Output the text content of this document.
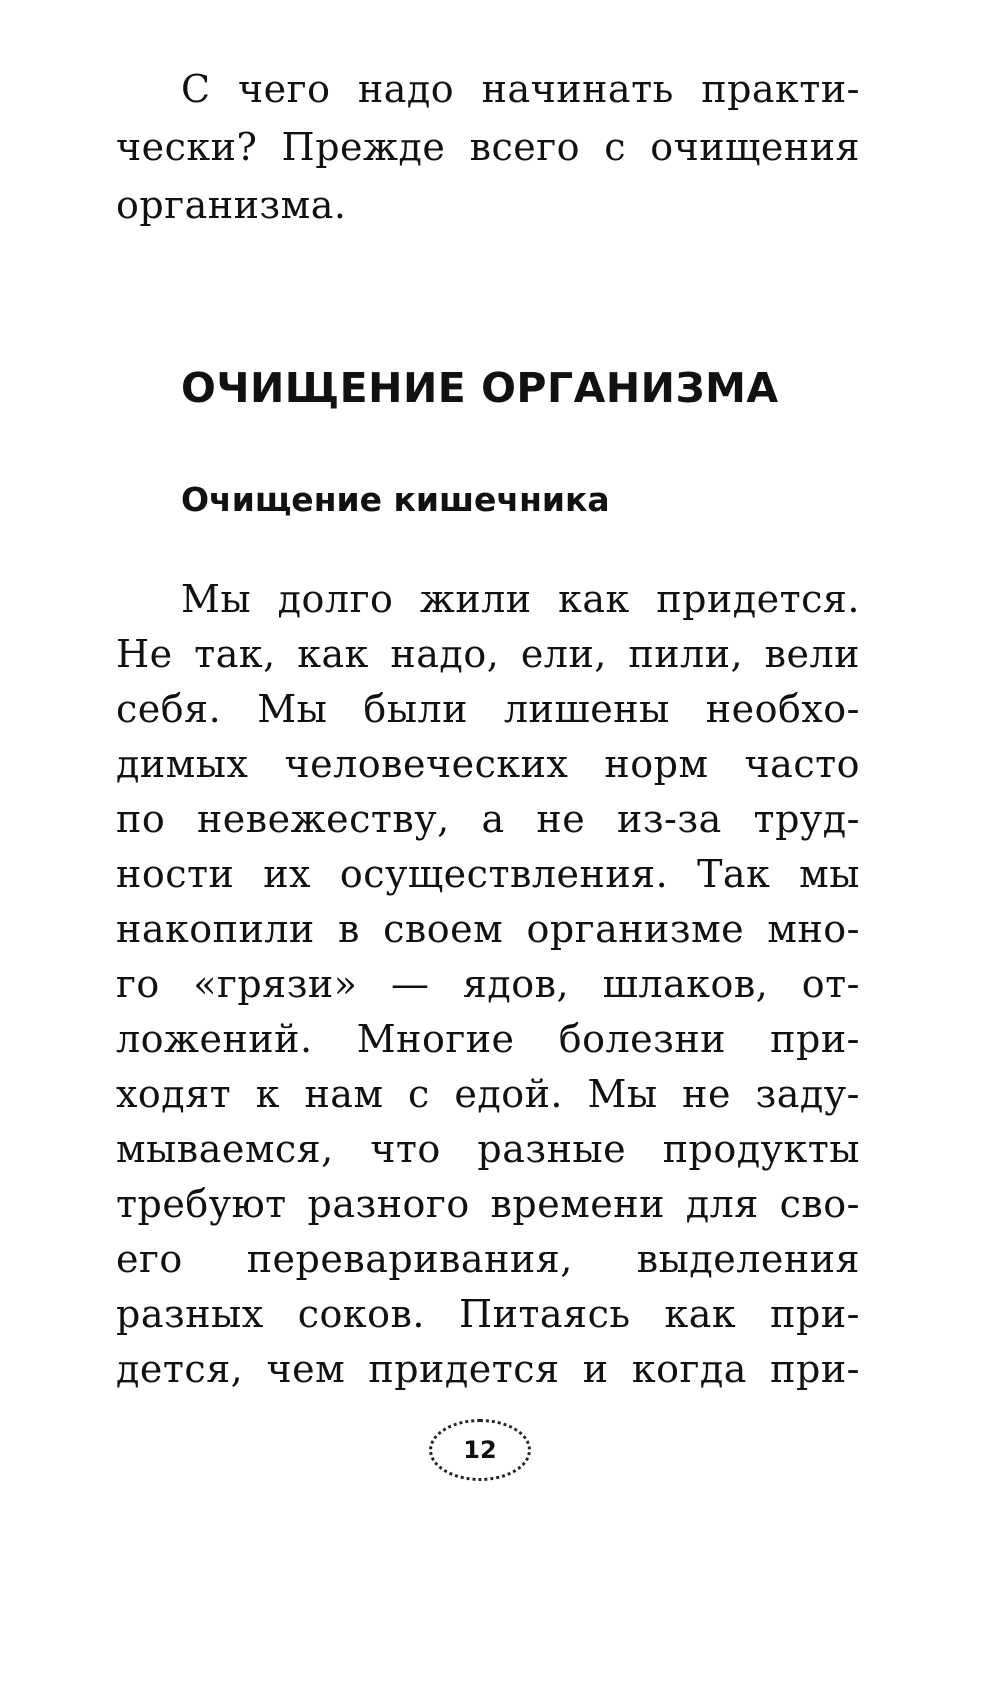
С чего надо начинать практи-
чески? Прежде всего с очищения
организма.
ОЧИЩЕНИЕ ОРГАНИЗМА
Очищение кишечника
Мы долго жили как придется.
Не так, как надо, ели, пили, вели
себя. Мы были лишены необхо-
димых человеческих норм часто
по невежеству, а не из-за труд-
ности их осуществления. Так мы
накопили в своем организме мно-
го «грязи» — ядов, шлаков, от-
ложений. Многие болезни при-
ходят к нам с едой. Мы не заду-
мываемся, что разные продукты
требуют разного времени для сво-
его переваривания, выделения
разных соков. Питаясь как при-
дется, чем придется и когда при-
12
